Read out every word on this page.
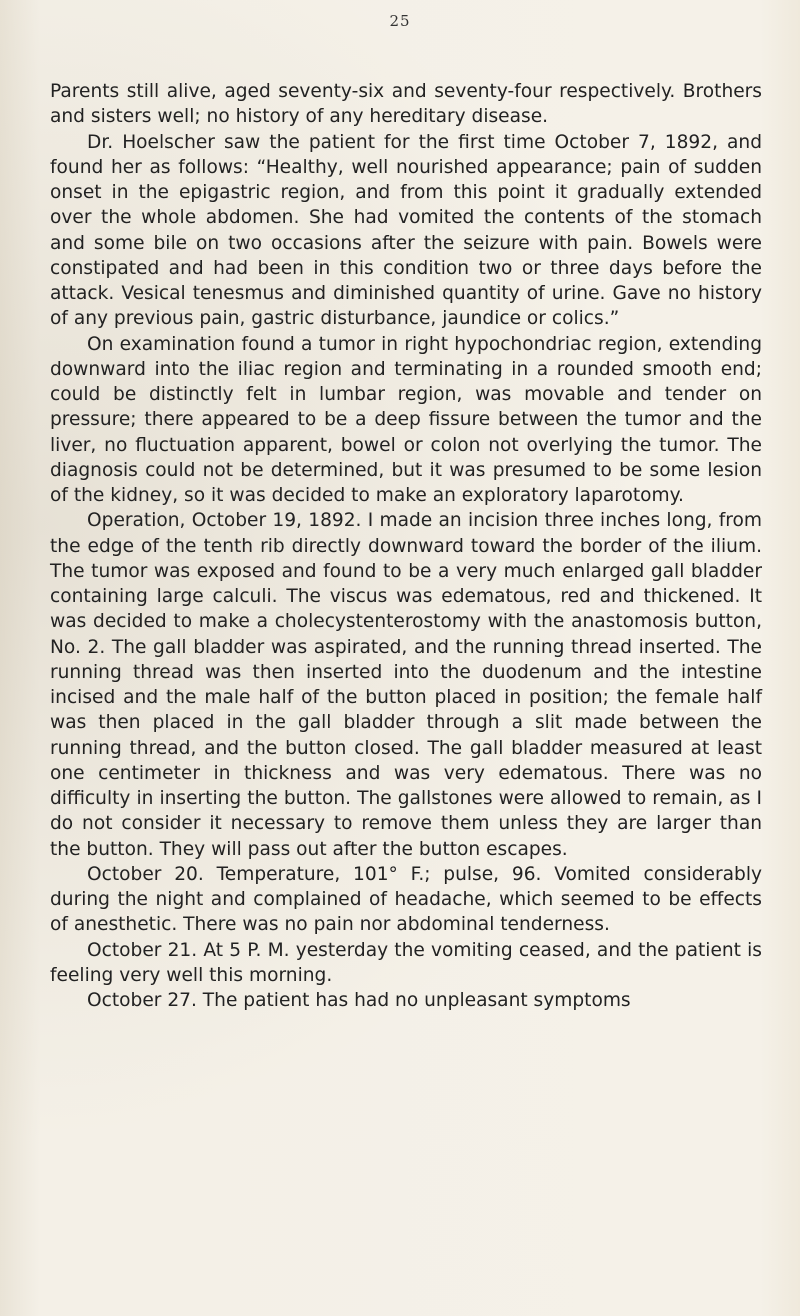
25

Parents still alive, aged seventy-six and seventy-four respectively. Brothers and sisters well; no history of any hereditary disease.

Dr. Hoelscher saw the patient for the first time October 7, 1892, and found her as follows: “Healthy, well nourished appearance; pain of sudden onset in the epigastric region, and from this point it gradually extended over the whole abdomen. She had vomited the contents of the stomach and some bile on two occasions after the seizure with pain. Bowels were constipated and had been in this condition two or three days before the attack. Vesical tenesmus and diminished quantity of urine. Gave no history of any previous pain, gastric disturbance, jaundice or colics.”

On examination found a tumor in right hypochondriac region, extending downward into the iliac region and terminating in a rounded smooth end; could be distinctly felt in lumbar region, was movable and tender on pressure; there appeared to be a deep fissure between the tumor and the liver, no fluctuation apparent, bowel or colon not overlying the tumor. The diagnosis could not be determined, but it was presumed to be some lesion of the kidney, so it was decided to make an exploratory laparotomy.

Operation, October 19, 1892. I made an incision three inches long, from the edge of the tenth rib directly downward toward the border of the ilium. The tumor was exposed and found to be a very much enlarged gall bladder containing large calculi. The viscus was edematous, red and thickened. It was decided to make a cholecystenterostomy with the anastomosis button, No. 2. The gall bladder was aspirated, and the running thread inserted. The running thread was then inserted into the duodenum and the intestine incised and the male half of the button placed in position; the female half was then placed in the gall bladder through a slit made between the running thread, and the button closed. The gall bladder measured at least one centimeter in thickness and was very edematous. There was no difficulty in inserting the button. The gallstones were allowed to remain, as I do not consider it necessary to remove them unless they are larger than the button. They will pass out after the button escapes.

October 20. Temperature, 101° F.; pulse, 96. Vomited considerably during the night and complained of headache, which seemed to be effects of anesthetic. There was no pain nor abdominal tenderness.

October 21. At 5 P. M. yesterday the vomiting ceased, and the patient is feeling very well this morning.

October 27. The patient has had no unpleasant symptoms
